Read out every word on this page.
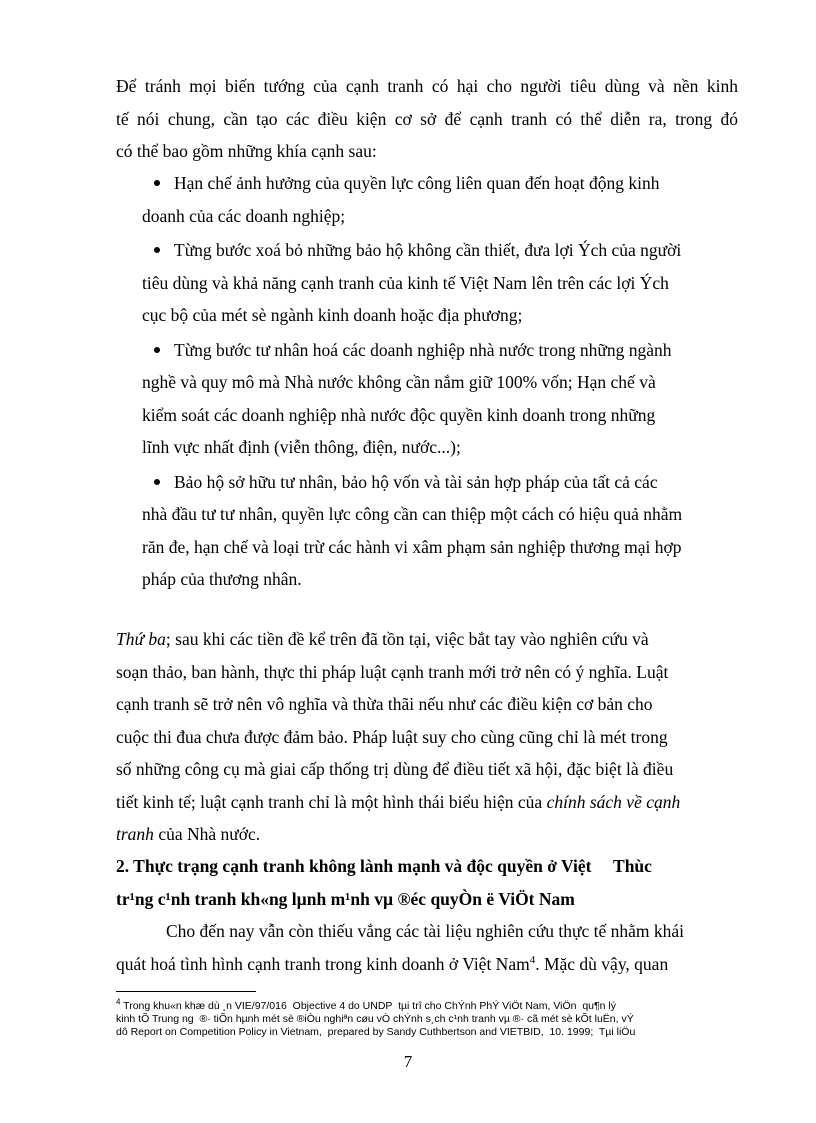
Để tránh mọi biến tướng của cạnh tranh có hại cho người tiêu dùng và nền kinh
tế nói chung, cần tạo các điều kiện cơ sở để cạnh tranh có thể diễn ra, trong đó
có thể bao gồm những khía cạnh sau:

Hạn chế ảnh hưởng của quyền lực công liên quan đến hoạt động kinh
doanh của các doanh nghiệp;
Từng bước xoá bỏ những bảo hộ không cần thiết, đưa lợi Ých của người
tiêu dùng và khả năng cạnh tranh của kinh tế Việt Nam lên trên các lợi Ých
cục bộ của mét sè ngành kinh doanh hoặc địa phương;
Từng bước tư nhân hoá các doanh nghiệp nhà nước trong những ngành
nghề và quy mô mà Nhà nước không cần nắm giữ 100% vốn; Hạn chế và
kiểm soát các doanh nghiệp nhà nước độc quyền kinh doanh trong những
lĩnh vực nhất định (viễn thông, điện, nước...);
Bảo hộ sở hữu tư nhân, bảo hộ vốn và tài sản hợp pháp của tất cả các
nhà đầu tư tư nhân, quyền lực công cần can thiệp một cách có hiệu quả nhằm
răn đe, hạn chế và loại trừ các hành vi xâm phạm sản nghiệp thương mại hợp
pháp của thương nhân.

Thứ ba; sau khi các tiền đề kể trên đã tồn tại, việc bắt tay vào nghiên cứu và
soạn thảo, ban hành, thực thi pháp luật cạnh tranh mới trở nên có ý nghĩa. Luật
cạnh tranh sẽ trở nên vô nghĩa và thừa thãi nếu như các điều kiện cơ bản cho
cuộc thi đua chưa được đảm bảo. Pháp luật suy cho cùng cũng chỉ là mét trong
số những công cụ mà giai cấp thống trị dùng để điều tiết xã hội, đặc biệt là điều
tiết kinh tế; luật cạnh tranh chỉ là một hình thái biểu hiện của chính sách về cạnh
tranh của Nhà nước.

2. Thực trạng cạnh tranh không lành mạnh và độc quyền ở Việt     Thùc
tr¹ng c¹nh tranh kh«ng lµnh m¹nh vµ ®éc quyÒn ë ViÖt Nam

Cho đến nay vẫn còn thiếu vắng các tài liệu nghiên cứu thực tế nhằm khái
quát hoá tình hình cạnh tranh trong kinh doanh ở Việt Nam$^4$. Mặc dù vậy, quan

$^4$ Trong khu«n khæ dù ¸n VIE/97/016  Objective 4 do UNDP  tµi trî cho ChÝnh PhÝ ViÖt Nam, ViÖn  qu¶n lý
kinh tÕ Trung ng  ®· tiÕn hµnh mét sè ®iÒu nghiªn cøu vÒ chÝnh s¸ch c¹nh tranh vµ ®· cã mét sè kÕt luËn, vÝ
dô Report on Competition Policy in Vietnam,  prepared by Sandy Cuthbertson and VIETBID,  10. 1999;  Tµi liÖu
7
